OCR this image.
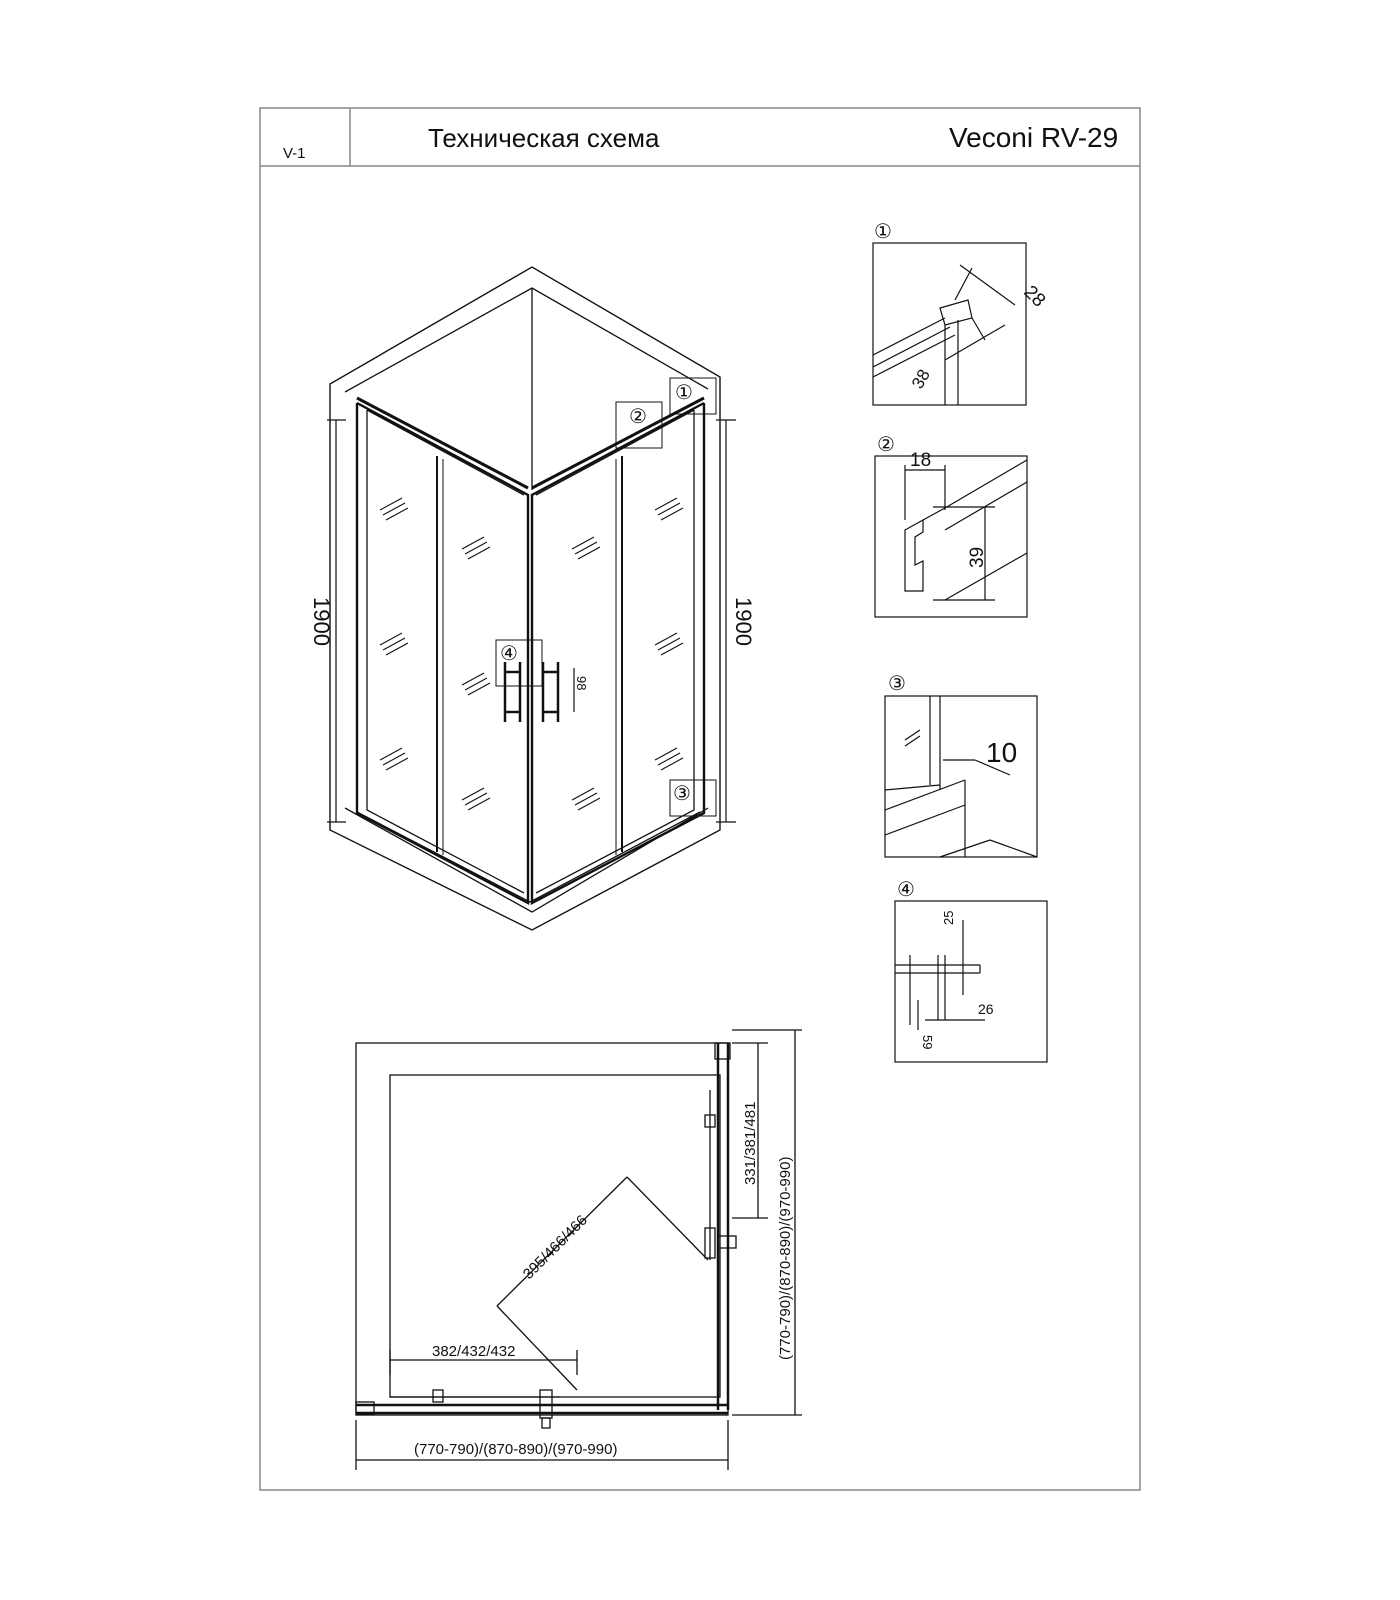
V-1
Техническая схема	Veconi RV-29
1900	1900
98
①
②
④
③
①
28
38
②
18
39
③
10
④
25
26
59
(770-790)/(870-890)/(970-990)
(770-790)/(870-890)/(970-990)
331/381/481
395/466/466
382/432/432
